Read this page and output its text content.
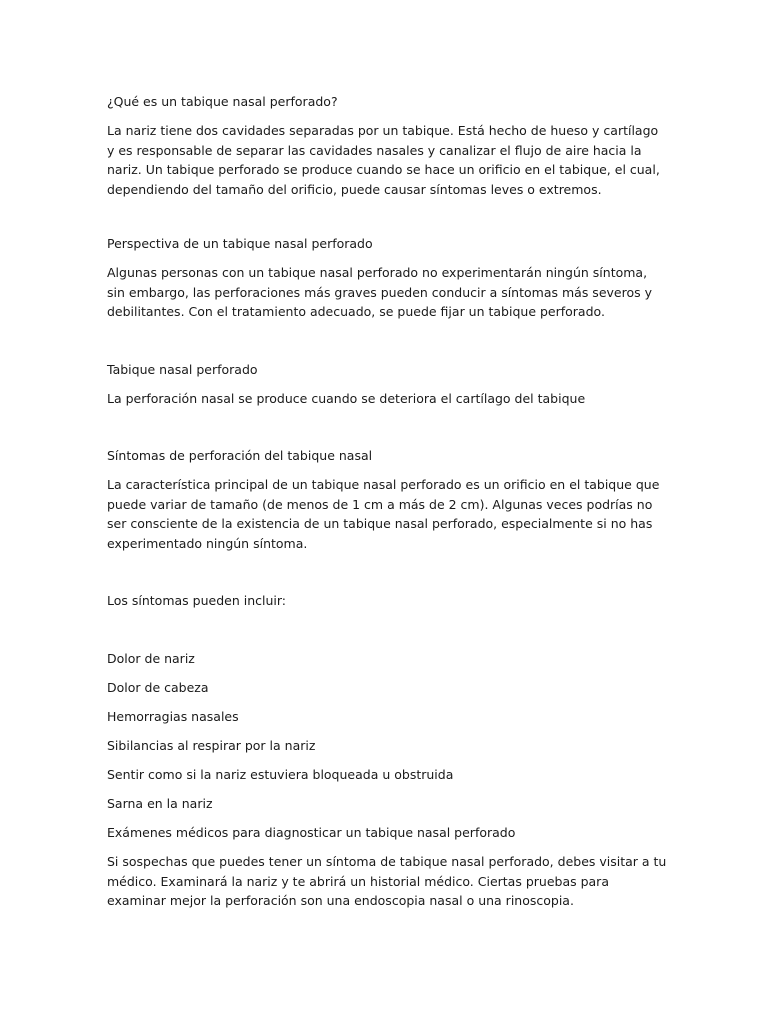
¿Qué es un tabique nasal perforado?

La nariz tiene dos cavidades separadas por un tabique. Está hecho de hueso y cartílago y es responsable de separar las cavidades nasales y canalizar el flujo de aire hacia la nariz. Un tabique perforado se produce cuando se hace un orificio en el tabique, el cual, dependiendo del tamaño del orificio, puede causar síntomas leves o extremos.

Perspectiva de un tabique nasal perforado

Algunas personas con un tabique nasal perforado no experimentarán ningún síntoma, sin embargo, las perforaciones más graves pueden conducir a síntomas más severos y debilitantes. Con el tratamiento adecuado, se puede fijar un tabique perforado.

Tabique nasal perforado

La perforación nasal se produce cuando se deteriora el cartílago del tabique

Síntomas de perforación del tabique nasal

La característica principal de un tabique nasal perforado es un orificio en el tabique que puede variar de tamaño (de menos de 1 cm a más de 2 cm). Algunas veces podrías no ser consciente de la existencia de un tabique nasal perforado, especialmente si no has experimentado ningún síntoma.

Los síntomas pueden incluir:

Dolor de nariz

Dolor de cabeza

Hemorragias nasales

Sibilancias al respirar por la nariz

Sentir como si la nariz estuviera bloqueada u obstruida

Sarna en la nariz

Exámenes médicos para diagnosticar un tabique nasal perforado

Si sospechas que puedes tener un síntoma de tabique nasal perforado, debes visitar a tu médico. Examinará la nariz y te abrirá un historial médico. Ciertas pruebas para examinar mejor la perforación son una endoscopia nasal o una rinoscopia.
